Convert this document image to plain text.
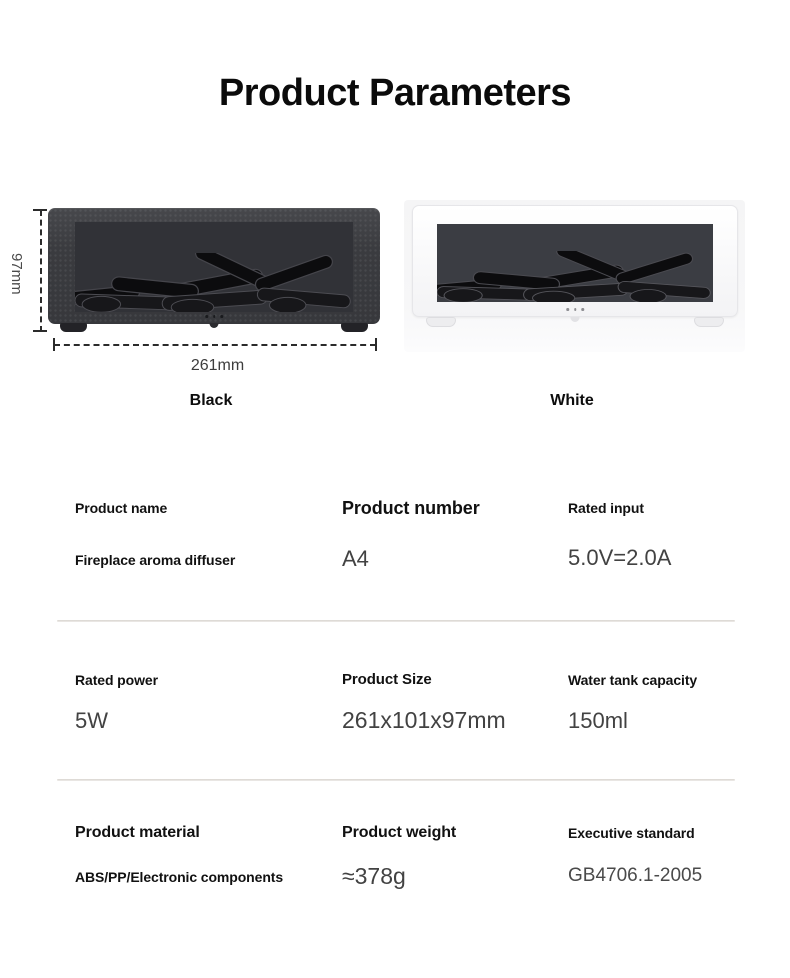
Product Parameters
97mm
261mm
Black	White
Product name
Fireplace aroma diffuser
Product number
A4
Rated input
5.0V=2.0A
Rated power
5W
Product Size
261x101x97mm
Water tank capacity
150ml
Product material
ABS/PP/Electronic components
Product weight
≈378g
Executive standard
GB4706.1-2005
